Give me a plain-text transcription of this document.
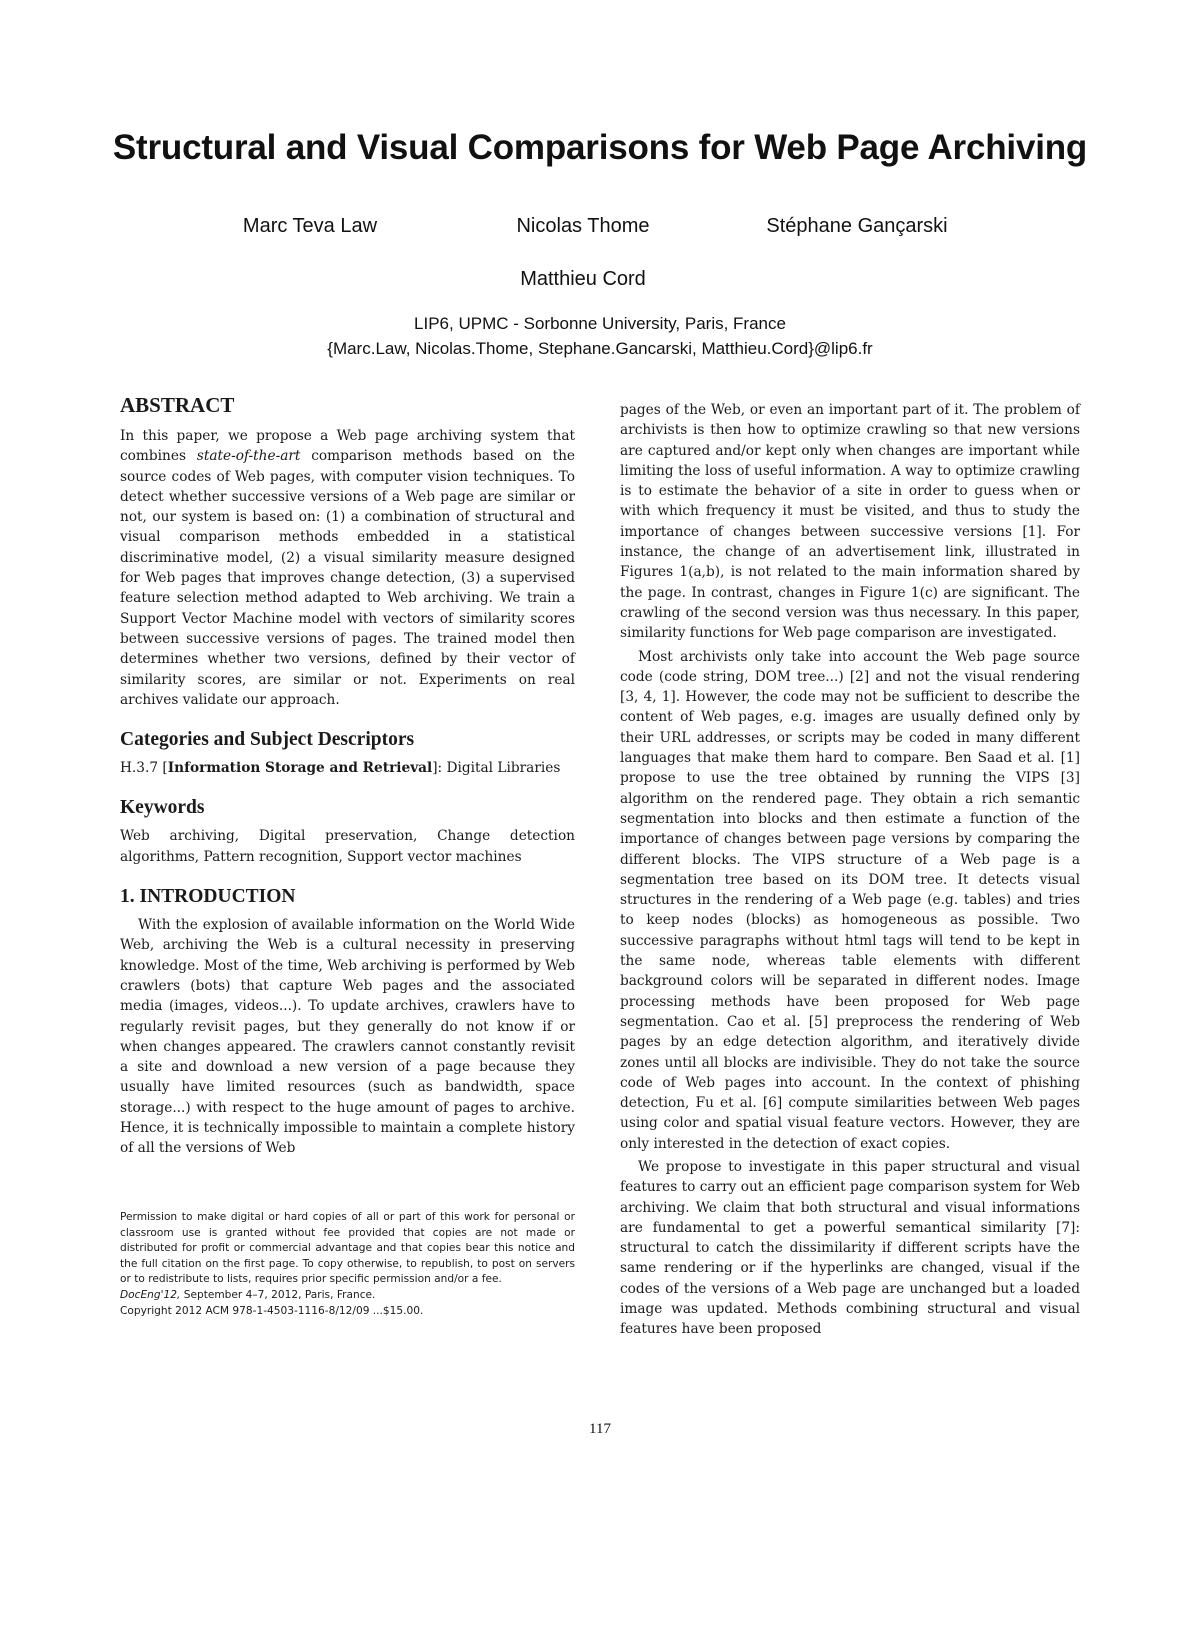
Structural and Visual Comparisons for Web Page Archiving
Marc Teva Law	Nicolas Thome	Stéphane Gançarski
Matthieu Cord
LIP6, UPMC - Sorbonne University, Paris, France
{Marc.Law, Nicolas.Thome, Stephane.Gancarski, Matthieu.Cord}@lip6.fr
ABSTRACT

In this paper, we propose a Web page archiving system that combines state-of-the-art comparison methods based on the source codes of Web pages, with computer vision techniques. To detect whether successive versions of a Web page are similar or not, our system is based on: (1) a combination of structural and visual comparison methods embedded in a statistical discriminative model, (2) a visual similarity measure designed for Web pages that improves change detection, (3) a supervised feature selection method adapted to Web archiving. We train a Support Vector Machine model with vectors of similarity scores between successive versions of pages. The trained model then determines whether two versions, defined by their vector of similarity scores, are similar or not. Experiments on real archives validate our approach.

Categories and Subject Descriptors

H.3.7 [Information Storage and Retrieval]: Digital Libraries

Keywords

Web archiving, Digital preservation, Change detection algorithms, Pattern recognition, Support vector machines

1. INTRODUCTION

With the explosion of available information on the World Wide Web, archiving the Web is a cultural necessity in preserving knowledge. Most of the time, Web archiving is performed by Web crawlers (bots) that capture Web pages and the associated media (images, videos...). To update archives, crawlers have to regularly revisit pages, but they generally do not know if or when changes appeared. The crawlers cannot constantly revisit a site and download a new version of a page because they usually have limited resources (such as bandwidth, space storage...) with respect to the huge amount of pages to archive. Hence, it is technically impossible to maintain a complete history of all the versions of Web

pages of the Web, or even an important part of it. The problem of archivists is then how to optimize crawling so that new versions are captured and/or kept only when changes are important while limiting the loss of useful information. A way to optimize crawling is to estimate the behavior of a site in order to guess when or with which frequency it must be visited, and thus to study the importance of changes between successive versions [1]. For instance, the change of an advertisement link, illustrated in Figures 1(a,b), is not related to the main information shared by the page. In contrast, changes in Figure 1(c) are significant. The crawling of the second version was thus necessary. In this paper, similarity functions for Web page comparison are investigated.

Most archivists only take into account the Web page source code (code string, DOM tree...) [2] and not the visual rendering [3, 4, 1]. However, the code may not be sufficient to describe the content of Web pages, e.g. images are usually defined only by their URL addresses, or scripts may be coded in many different languages that make them hard to compare. Ben Saad et al. [1] propose to use the tree obtained by running the VIPS [3] algorithm on the rendered page. They obtain a rich semantic segmentation into blocks and then estimate a function of the importance of changes between page versions by comparing the different blocks. The VIPS structure of a Web page is a segmentation tree based on its DOM tree. It detects visual structures in the rendering of a Web page (e.g. tables) and tries to keep nodes (blocks) as homogeneous as possible. Two successive paragraphs without html tags will tend to be kept in the same node, whereas table elements with different background colors will be separated in different nodes. Image processing methods have been proposed for Web page segmentation. Cao et al. [5] preprocess the rendering of Web pages by an edge detection algorithm, and iteratively divide zones until all blocks are indivisible. They do not take the source code of Web pages into account. In the context of phishing detection, Fu et al. [6] compute similarities between Web pages using color and spatial visual feature vectors. However, they are only interested in the detection of exact copies.

We propose to investigate in this paper structural and visual features to carry out an efficient page comparison system for Web archiving. We claim that both structural and visual informations are fundamental to get a powerful semantical similarity [7]: structural to catch the dissimilarity if different scripts have the same rendering or if the hyperlinks are changed, visual if the codes of the versions of a Web page are unchanged but a loaded image was updated. Methods combining structural and visual features have been proposed

Permission to make digital or hard copies of all or part of this work for personal or classroom use is granted without fee provided that copies are not made or distributed for profit or commercial advantage and that copies bear this notice and the full citation on the first page. To copy otherwise, to republish, to post on servers or to redistribute to lists, requires prior specific permission and/or a fee.
DocEng'12, September 4–7, 2012, Paris, France.
Copyright 2012 ACM 978-1-4503-1116-8/12/09 ...$15.00.
117
